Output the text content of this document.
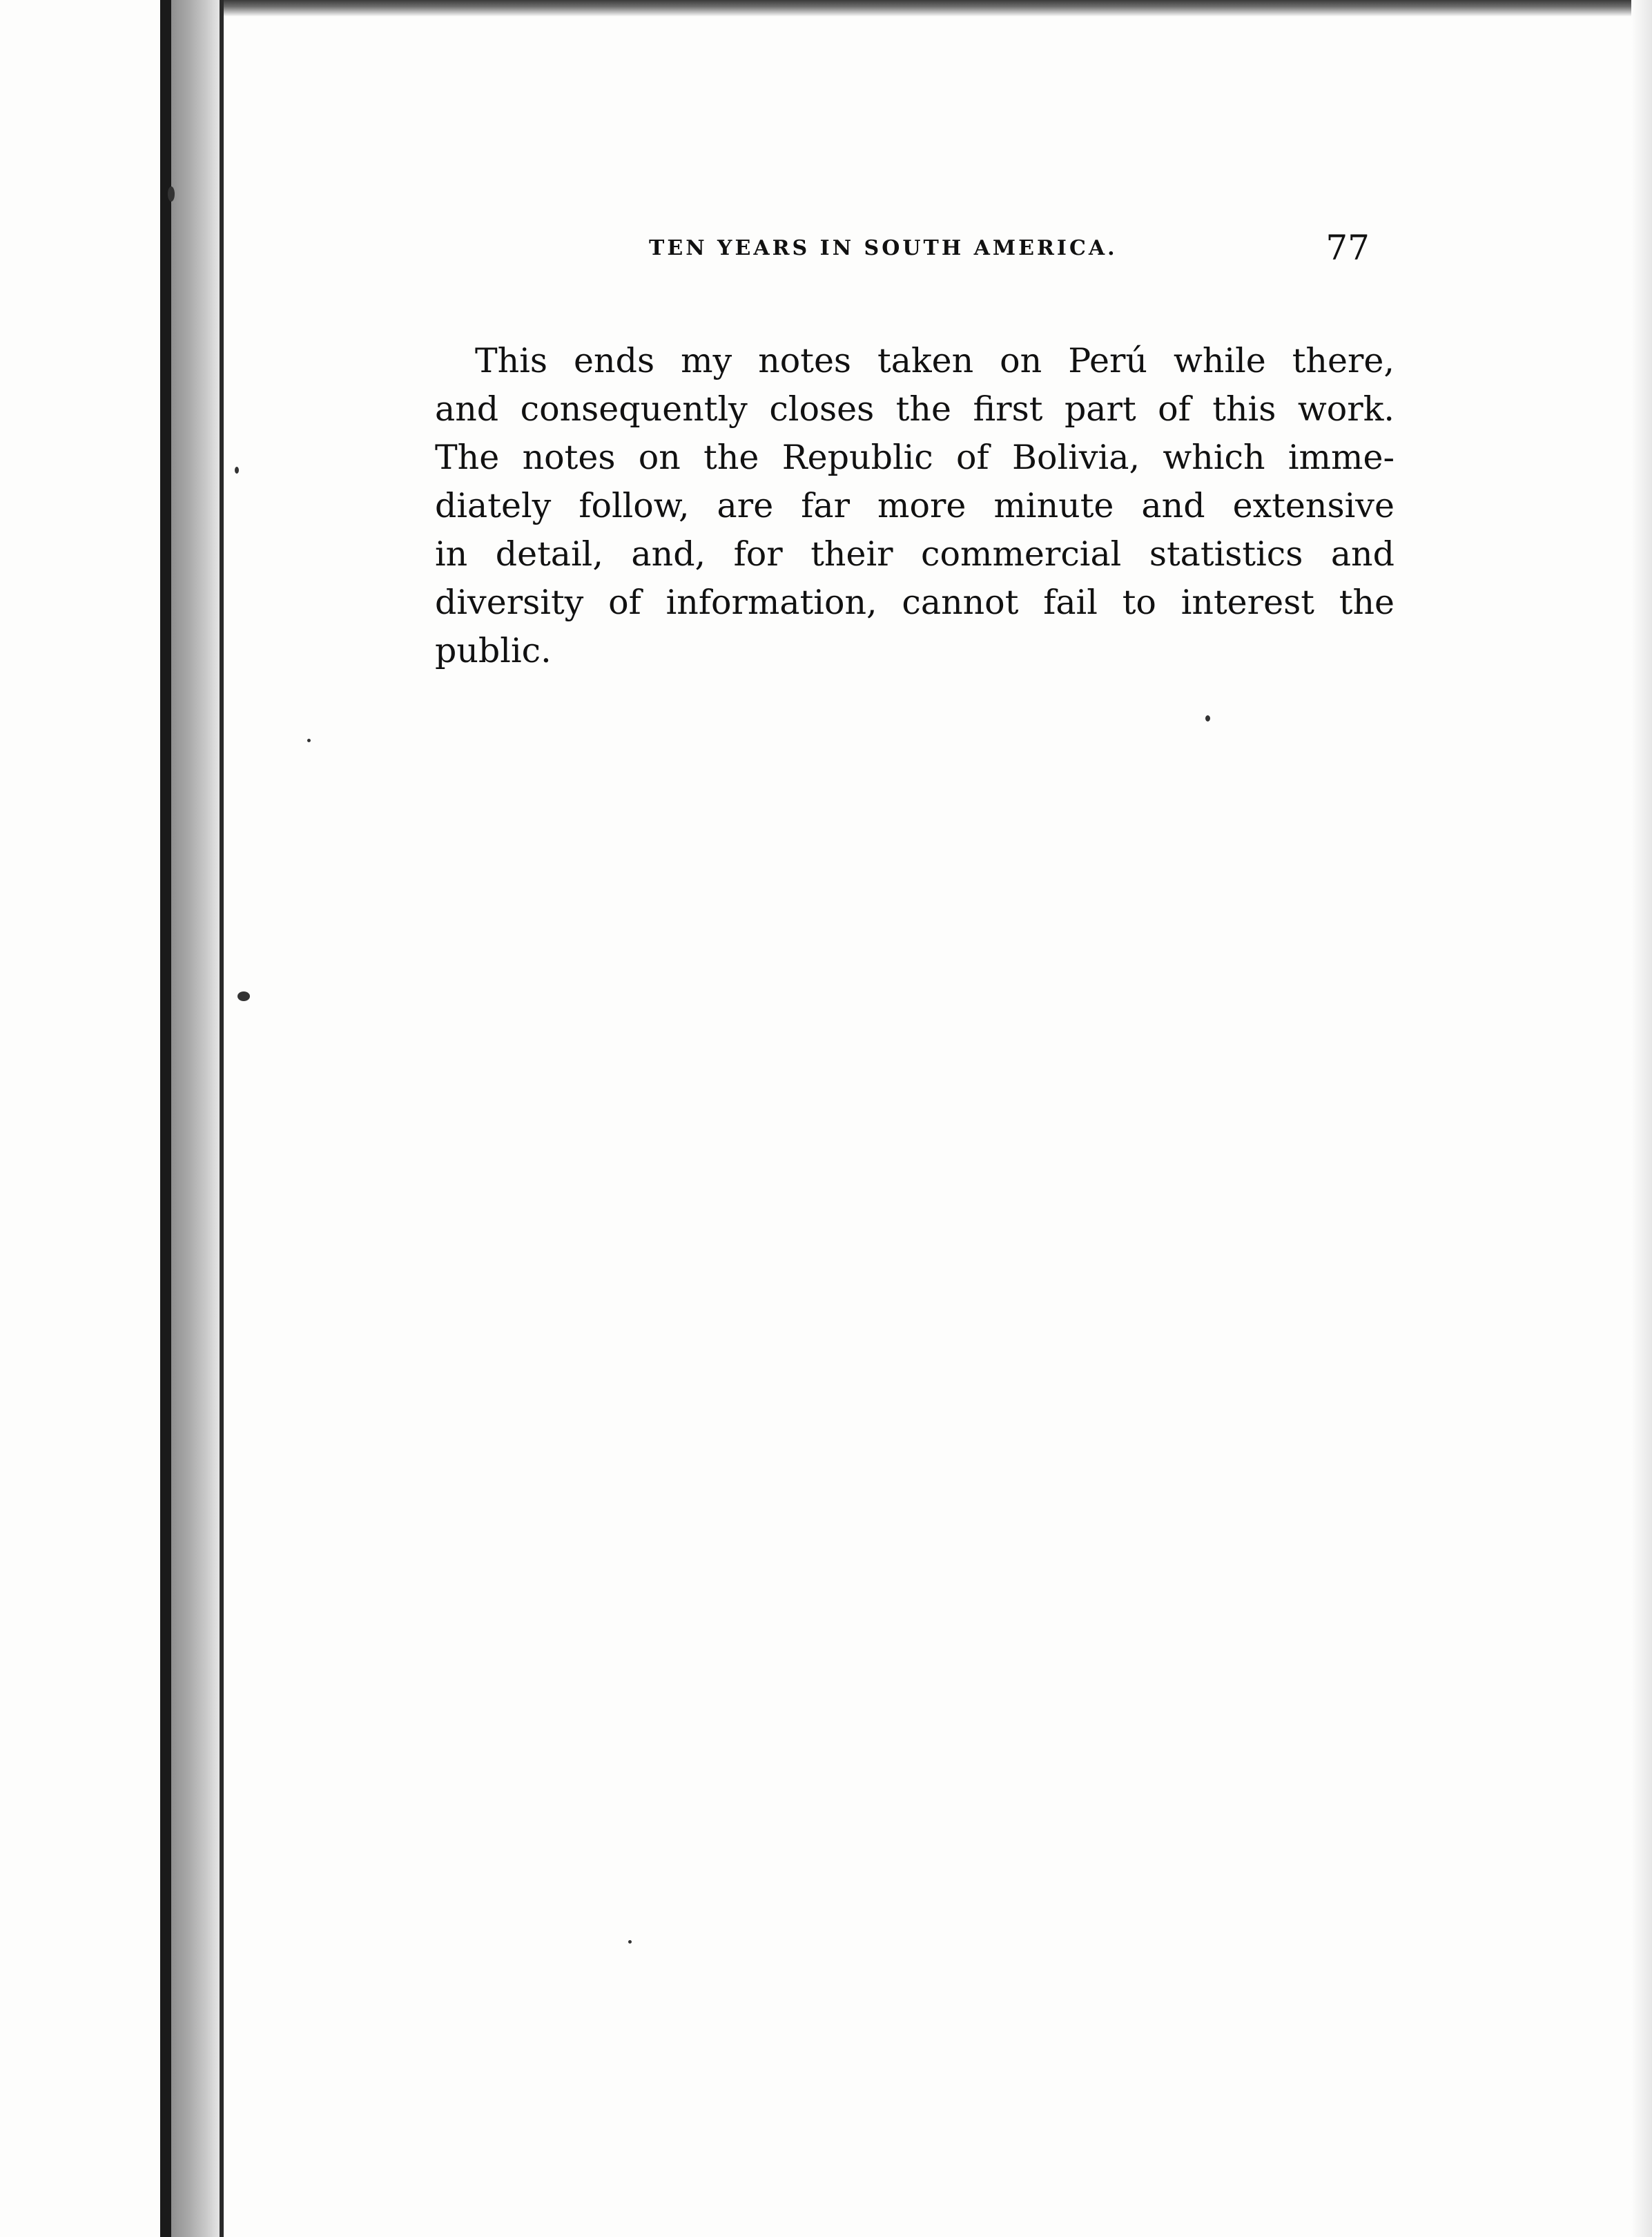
TEN YEARS IN SOUTH AMERICA.	77
This ends my notes taken on Perú while there,
and consequently closes the first part of this work.
The notes on the Republic of Bolivia, which imme-
diately follow, are far more minute and extensive
in detail, and, for their commercial statistics and
diversity of information, cannot fail to interest the
public.
